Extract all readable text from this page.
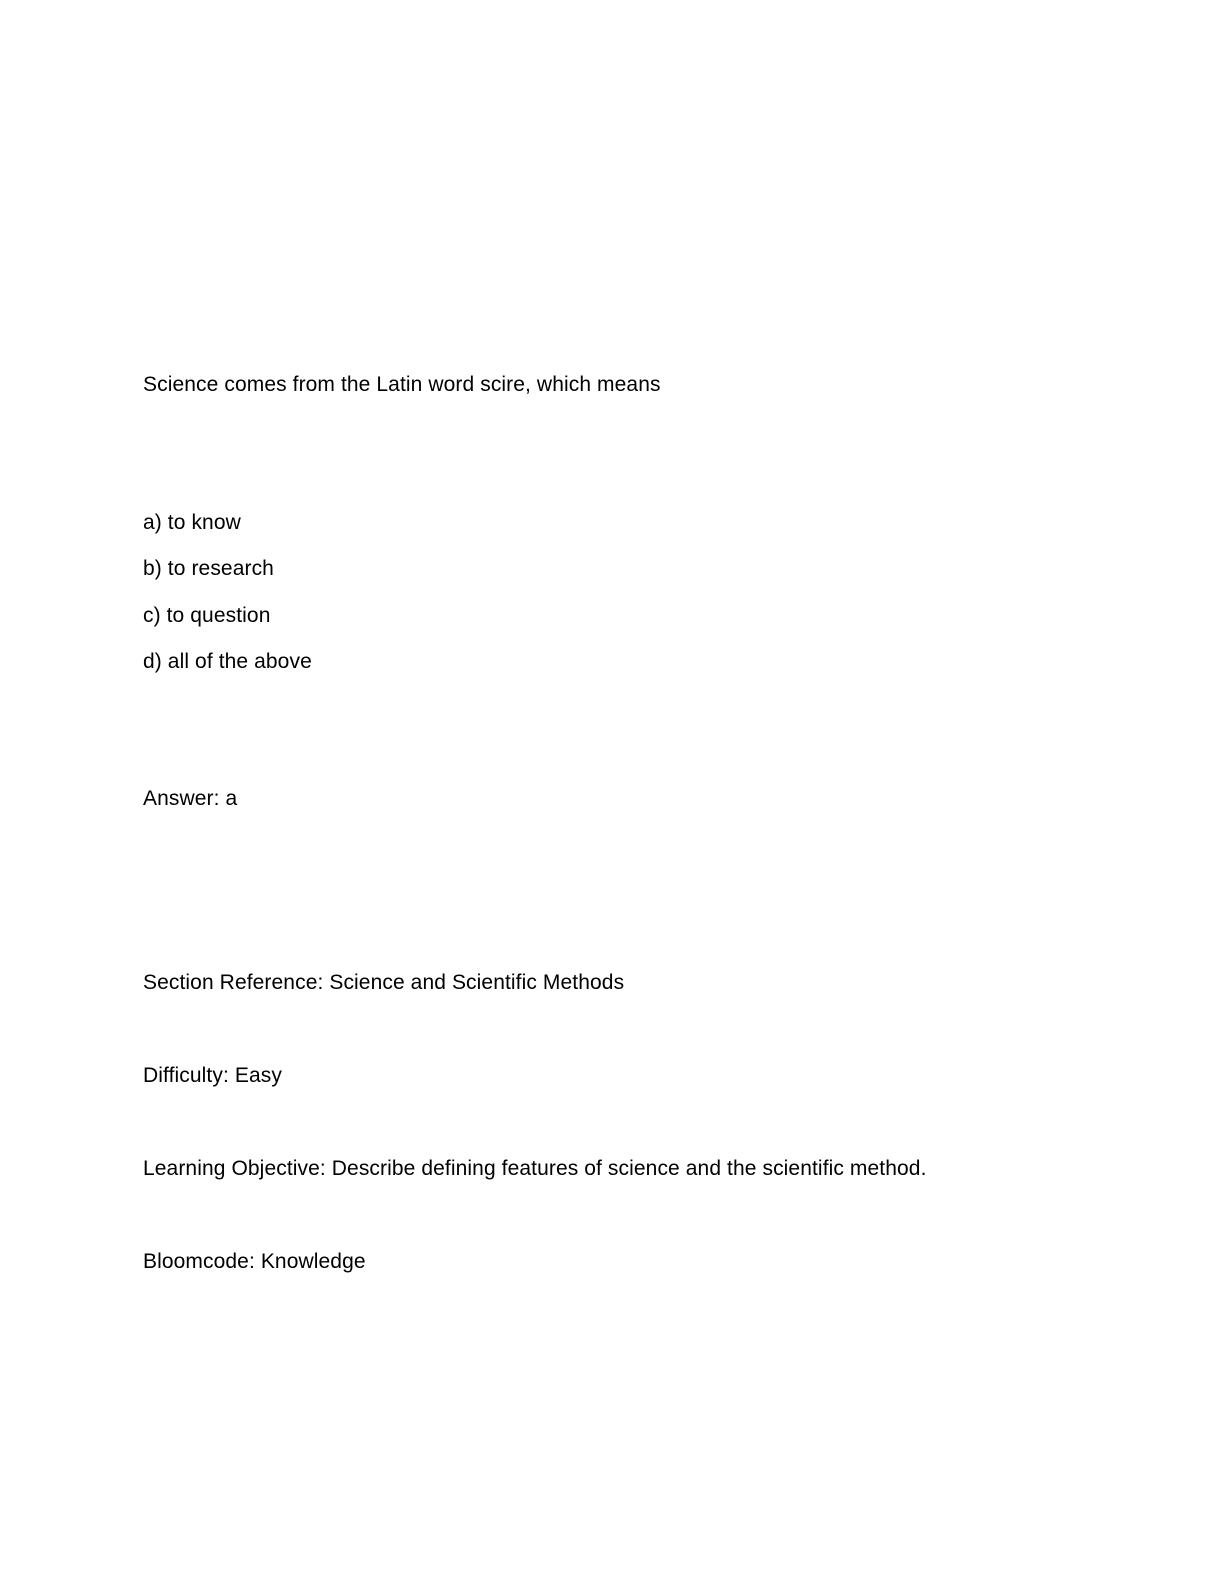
Science comes from the Latin word scire, which means
a) to know
b) to research
c) to question
d) all of the above
Answer: a
Section Reference: Science and Scientific Methods
Difficulty: Easy
Learning Objective: Describe defining features of science and the scientific method.
Bloomcode: Knowledge
